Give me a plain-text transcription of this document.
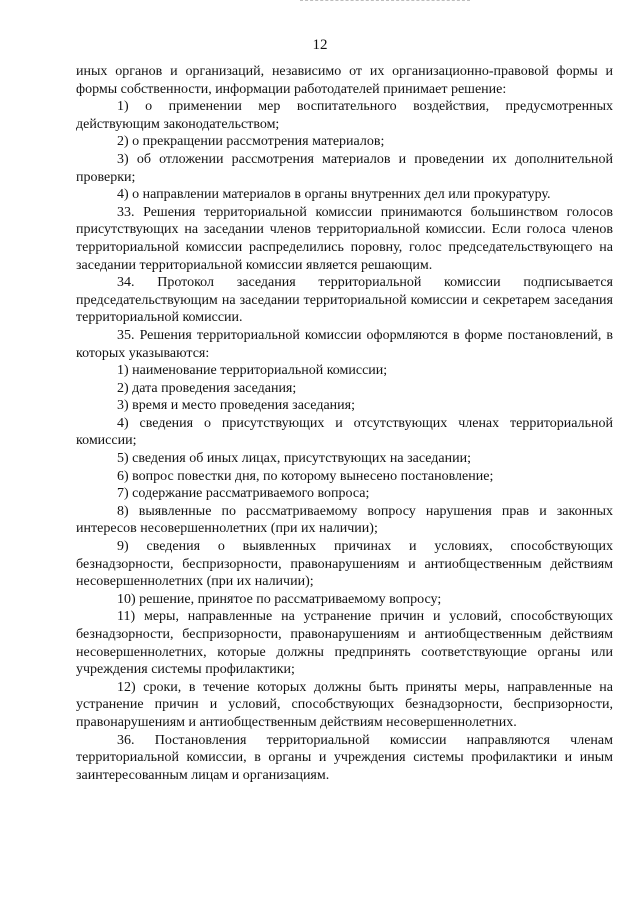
12

иных органов и организаций, независимо от их организационно-правовой формы и формы собственности, информации работодателей принимает решение:

1) о применении мер воспитательного воздействия, предусмотренных действующим законодательством;

2) о прекращении рассмотрения материалов;

3) об отложении рассмотрения материалов и проведении их дополнительной проверки;

4) о направлении материалов в органы внутренних дел или прокуратуру.

33. Решения территориальной комиссии принимаются большинством голосов присутствующих на заседании членов территориальной комиссии. Если голоса членов территориальной комиссии распределились поровну, голос председательствующего на заседании территориальной комиссии является решающим.

34. Протокол заседания территориальной комиссии подписывается председательствующим на заседании территориальной комиссии и секретарем заседания территориальной комиссии.

35. Решения территориальной комиссии оформляются в форме постановлений, в которых указываются:

1) наименование территориальной комиссии;

2) дата проведения заседания;

3) время и место проведения заседания;

4) сведения о присутствующих и отсутствующих членах территориальной комиссии;

5) сведения об иных лицах, присутствующих на заседании;

6) вопрос повестки дня, по которому вынесено постановление;

7) содержание рассматриваемого вопроса;

8) выявленные по рассматриваемому вопросу нарушения прав и законных интересов несовершеннолетних (при их наличии);

9) сведения о выявленных причинах и условиях, способствующих безнадзорности, беспризорности, правонарушениям и антиобщественным действиям несовершеннолетних (при их наличии);

10) решение, принятое по рассматриваемому вопросу;

11) меры, направленные на устранение причин и условий, способствующих безнадзорности, беспризорности, правонарушениям и антиобщественным действиям несовершеннолетних, которые должны предпринять соответствующие органы или учреждения системы профилактики;

12) сроки, в течение которых должны быть приняты меры, направленные на устранение причин и условий, способствующих безнадзорности, беспризорности, правонарушениям и антиобщественным действиям несовершеннолетних.

36. Постановления территориальной комиссии направляются членам территориальной комиссии, в органы и учреждения системы профилактики и иным заинтересованным лицам и организациям.
